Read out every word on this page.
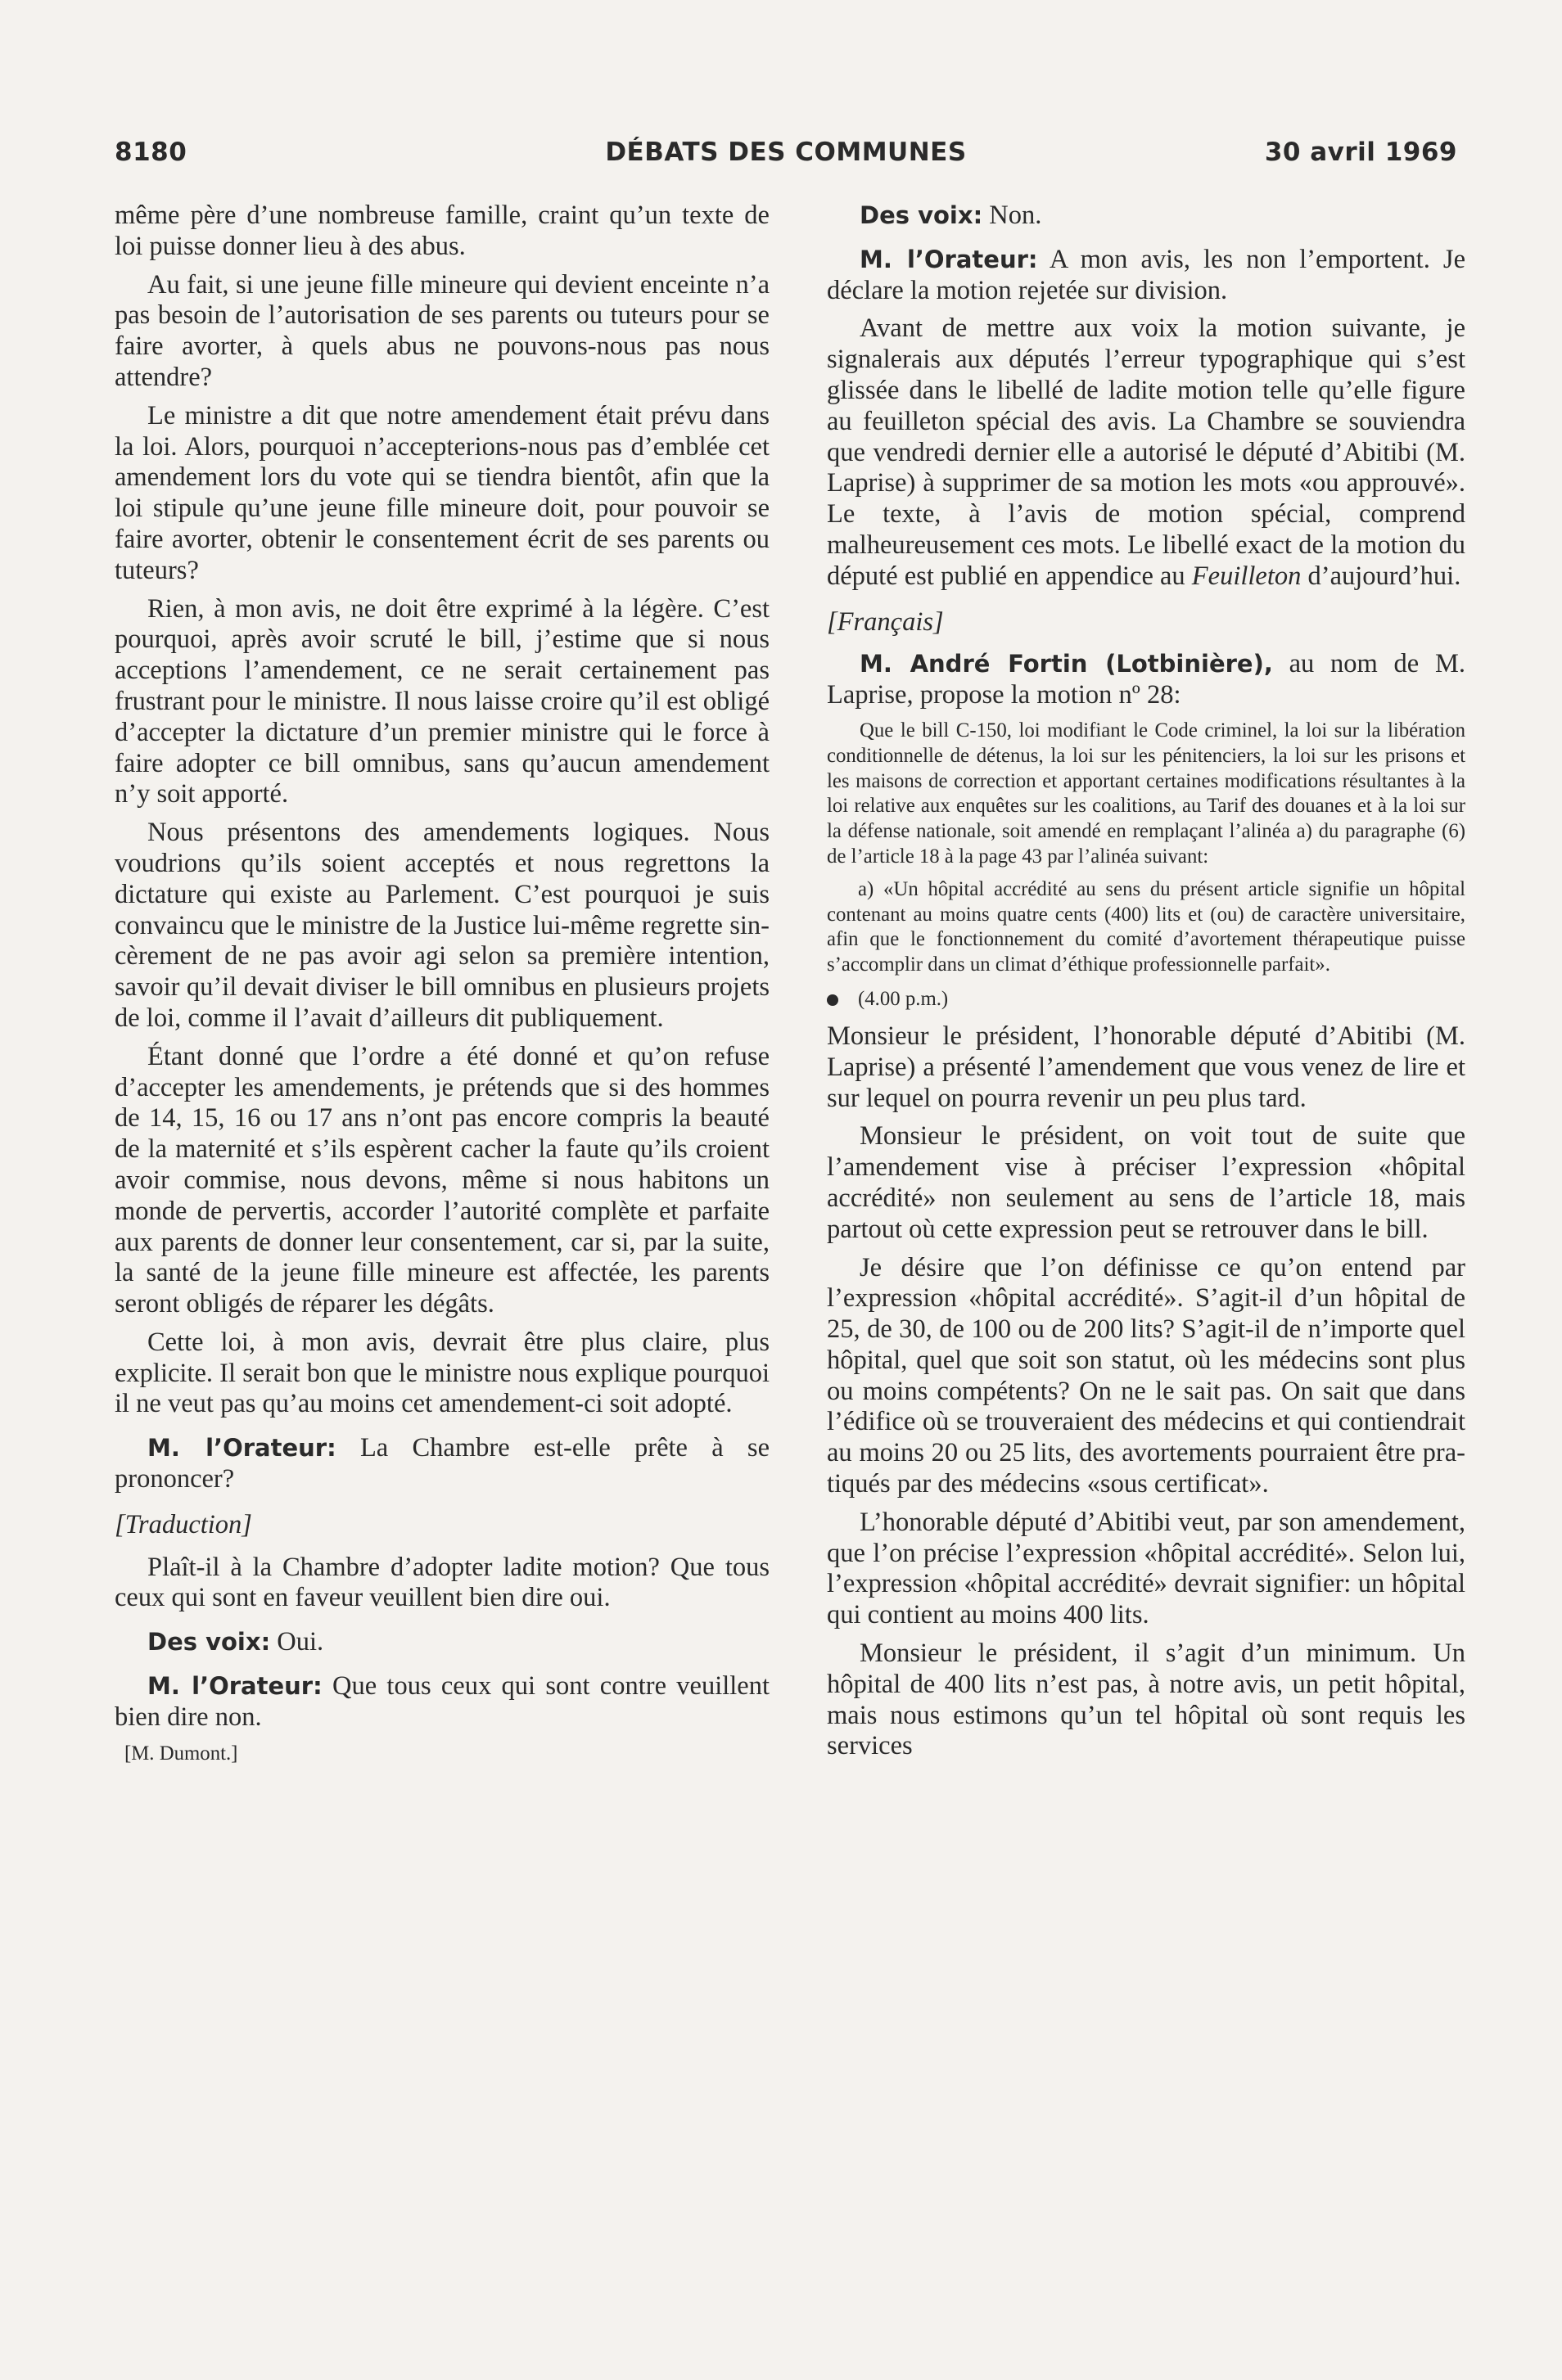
8180	DÉBATS DES COMMUNES	30 avril 1969

même père d’une nombreuse famille, craint qu’un texte de loi puisse donner lieu à des abus.

Au fait, si une jeune fille mineure qui devient enceinte n’a pas besoin de l’autorisation de ses parents ou tuteurs pour se faire avorter, à quels abus ne pouvons-nous pas nous attendre?

Le ministre a dit que notre amendement était prévu dans la loi. Alors, pourquoi n’accepterions-nous pas d’emblée cet amendement lors du vote qui se tiendra bientôt, afin que la loi stipule qu’une jeune fille mineure doit, pour pouvoir se faire avorter, obtenir le consentement écrit de ses parents ou tuteurs?

Rien, à mon avis, ne doit être exprimé à la légère. C’est pourquoi, après avoir scruté le bill, j’estime que si nous acceptions l’amendement, ce ne serait certainement pas frustrant pour le ministre. Il nous laisse croire qu’il est obligé d’accepter la dictature d’un premier ministre qui le force à faire adopter ce bill omnibus, sans qu’aucun amendement n’y soit apporté.

Nous présentons des amendements logiques. Nous voudrions qu’ils soient acceptés et nous regrettons la dictature qui existe au Parlement. C’est pourquoi je suis convaincu que le ministre de la Justice lui-même regrette sincèrement de ne pas avoir agi selon sa première intention, savoir qu’il devait diviser le bill omnibus en plusieurs projets de loi, comme il l’avait d’ailleurs dit publiquement.

Étant donné que l’ordre a été donné et qu’on refuse d’accepter les amendements, je prétends que si des hommes de 14, 15, 16 ou 17 ans n’ont pas encore compris la beauté de la maternité et s’ils espèrent cacher la faute qu’ils croient avoir commise, nous devons, même si nous habitons un monde de pervertis, accorder l’autorité complète et parfaite aux parents de donner leur consentement, car si, par la suite, la santé de la jeune fille mineure est affectée, les parents seront obligés de réparer les dégâts.

Cette loi, à mon avis, devrait être plus claire, plus explicite. Il serait bon que le ministre nous explique pourquoi il ne veut pas qu’au moins cet amendement-ci soit adopté.

M. l’Orateur: La Chambre est-elle prête à se prononcer?

[Traduction]

Plaît-il à la Chambre d’adopter ladite motion? Que tous ceux qui sont en faveur veuillent bien dire oui.

Des voix: Oui.

M. l’Orateur: Que tous ceux qui sont contre veuillent bien dire non.

[M. Dumont.]

Des voix: Non.

M. l’Orateur: A mon avis, les non l’emportent. Je déclare la motion rejetée sur division.

Avant de mettre aux voix la motion suivante, je signalerais aux députés l’erreur typographique qui s’est glissée dans le libellé de ladite motion telle qu’elle figure au feuilleton spécial des avis. La Chambre se souviendra que vendredi dernier elle a autorisé le député d’Abitibi (M. Laprise) à supprimer de sa motion les mots «ou approuvé». Le texte, à l’avis de motion spécial, comprend malheureusement ces mots. Le libellé exact de la motion du député est publié en appendice au Feuilleton d’aujourd’hui.

[Français]

M. André Fortin (Lotbinière), au nom de M. Laprise, propose la motion nº 28:

Que le bill C-150, loi modifiant le Code criminel, la loi sur la libération conditionnelle de détenus, la loi sur les pénitenciers, la loi sur les prisons et les maisons de correction et apportant certaines modifications résultantes à la loi relative aux enquêtes sur les coalitions, au Tarif des douanes et à la loi sur la défense nationale, soit amendé en remplaçant l’alinéa a) du paragraphe (6) de l’article 18 à la page 43 par l’alinéa suivant:

a) «Un hôpital accrédité au sens du présent article signifie un hôpital contenant au moins quatre cents (400) lits et (ou) de caractère universitaire, afin que le fonctionnement du comité d’avortement thérapeutique puisse s’accomplir dans un climat d’éthique professionnelle parfait».

(4.00 p.m.)

Monsieur le président, l’honorable député d’Abitibi (M. Laprise) a présenté l’amendement que vous venez de lire et sur lequel on pourra revenir un peu plus tard.

Monsieur le président, on voit tout de suite que l’amendement vise à préciser l’expression «hôpital accrédité» non seulement au sens de l’article 18, mais partout où cette expression peut se retrouver dans le bill.

Je désire que l’on définisse ce qu’on entend par l’expression «hôpital accrédité». S’agit-il d’un hôpital de 25, de 30, de 100 ou de 200 lits? S’agit-il de n’importe quel hôpital, quel que soit son statut, où les médecins sont plus ou moins compétents? On ne le sait pas. On sait que dans l’édifice où se trouveraient des médecins et qui contiendrait au moins 20 ou 25 lits, des avortements pourraient être pratiqués par des médecins «sous certificat».

L’honorable député d’Abitibi veut, par son amendement, que l’on précise l’expression «hôpital accrédité». Selon lui, l’expression «hôpital accrédité» devrait signifier: un hôpital qui contient au moins 400 lits.

Monsieur le président, il s’agit d’un minimum. Un hôpital de 400 lits n’est pas, à notre avis, un petit hôpital, mais nous estimons qu’un tel hôpital où sont requis les services
